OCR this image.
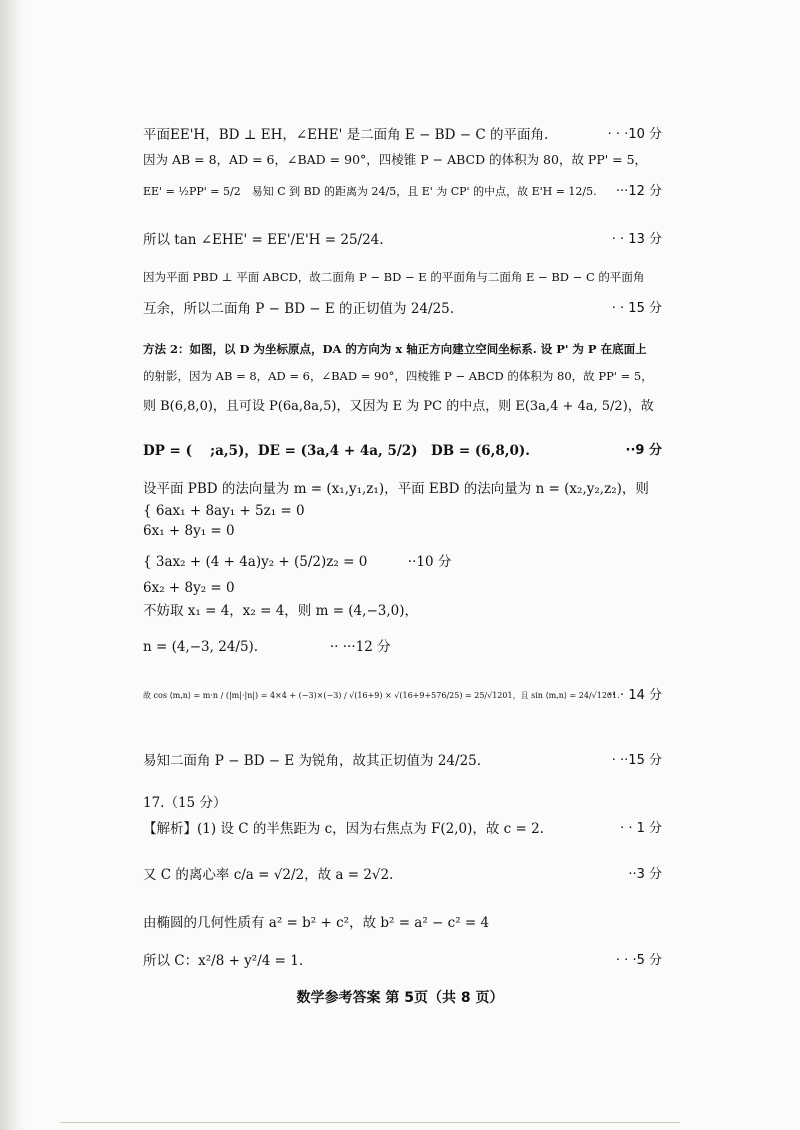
平面EE'H，BD ⊥ EH，∠EHE' 是二面角 E − BD − C 的平面角.	· · ·10 分
因为 AB = 8，AD = 6，∠BAD = 90°，四棱锥 P − ABCD 的体积为 80，故 PP' = 5，
EE' = ½PP' = 5/2　易知 C 到 BD 的距离为 24/5，且 E' 为 CP' 的中点，故 E'H = 12/5. ···12 分
所以 tan ∠EHE' = EE'/E'H = 25/24.	· · 13 分
因为平面 PBD ⊥ 平面 ABCD，故二面角 P − BD − E 的平面角与二面角 E − BD − C 的平面角
互余，所以二面角 P − BD − E 的正切值为 24/25.	· · 15 分
方法 2：如图，以 D 为坐标原点，DA 的方向为 x 轴正方向建立空间坐标系. 设 P' 为 P 在底面上
的射影，因为 AB = 8，AD = 6，∠BAD = 90°，四棱锥 P − ABCD 的体积为 80，故 PP' = 5，
则 B(6,8,0)，且可设 P(6a,8a,5)，又因为 E 为 PC 的中点，则 E(3a,4 + 4a, 5/2)，故
DP = (　 ;a,5)，DE = (3a,4 + 4a, 5/2)　DB = (6,8,0).	··9 分
设平面 PBD 的法向量为 m = (x₁,y₁,z₁)，平面 EBD 的法向量为 n = (x₂,y₂,z₂)，则
{ 6ax₁ + 8ay₁ + 5z₁ = 0
6x₁ + 8y₁ = 0
{ 3ax₂ + (4 + 4a)y₂ + (5/2)z₂ = 0　　　··10 分
6x₂ + 8y₂ = 0
不妨取 x₁ = 4，x₂ = 4，则 m = (4,−3,0)，
n = (4,−3, 24/5).　　　　　 ·· ···12 分
故 cos ⟨m,n⟩ = m·n / (|m|·|n|) = 4×4 + (−3)×(−3) / √(16+9) × √(16+9+576/25) = 25/√1201，且 sin ⟨m,n⟩ = 24/√1201.
·· · 14 分
易知二面角 P − BD − E 为锐角，故其正切值为 24/25.	· ··15 分
17.（15 分）
【解析】(1) 设 C 的半焦距为 c，因为右焦点为 F(2,0)，故 c = 2.	· · 1 分
又 C 的离心率 c/a = √2/2，故 a = 2√2.	··3 分
由椭圆的几何性质有 a² = b² + c²，故 b² = a² − c² = 4
所以 C：x²/8 + y²/4 = 1.	· · ·5 分
数学参考答案 第 5页（共 8 页）
